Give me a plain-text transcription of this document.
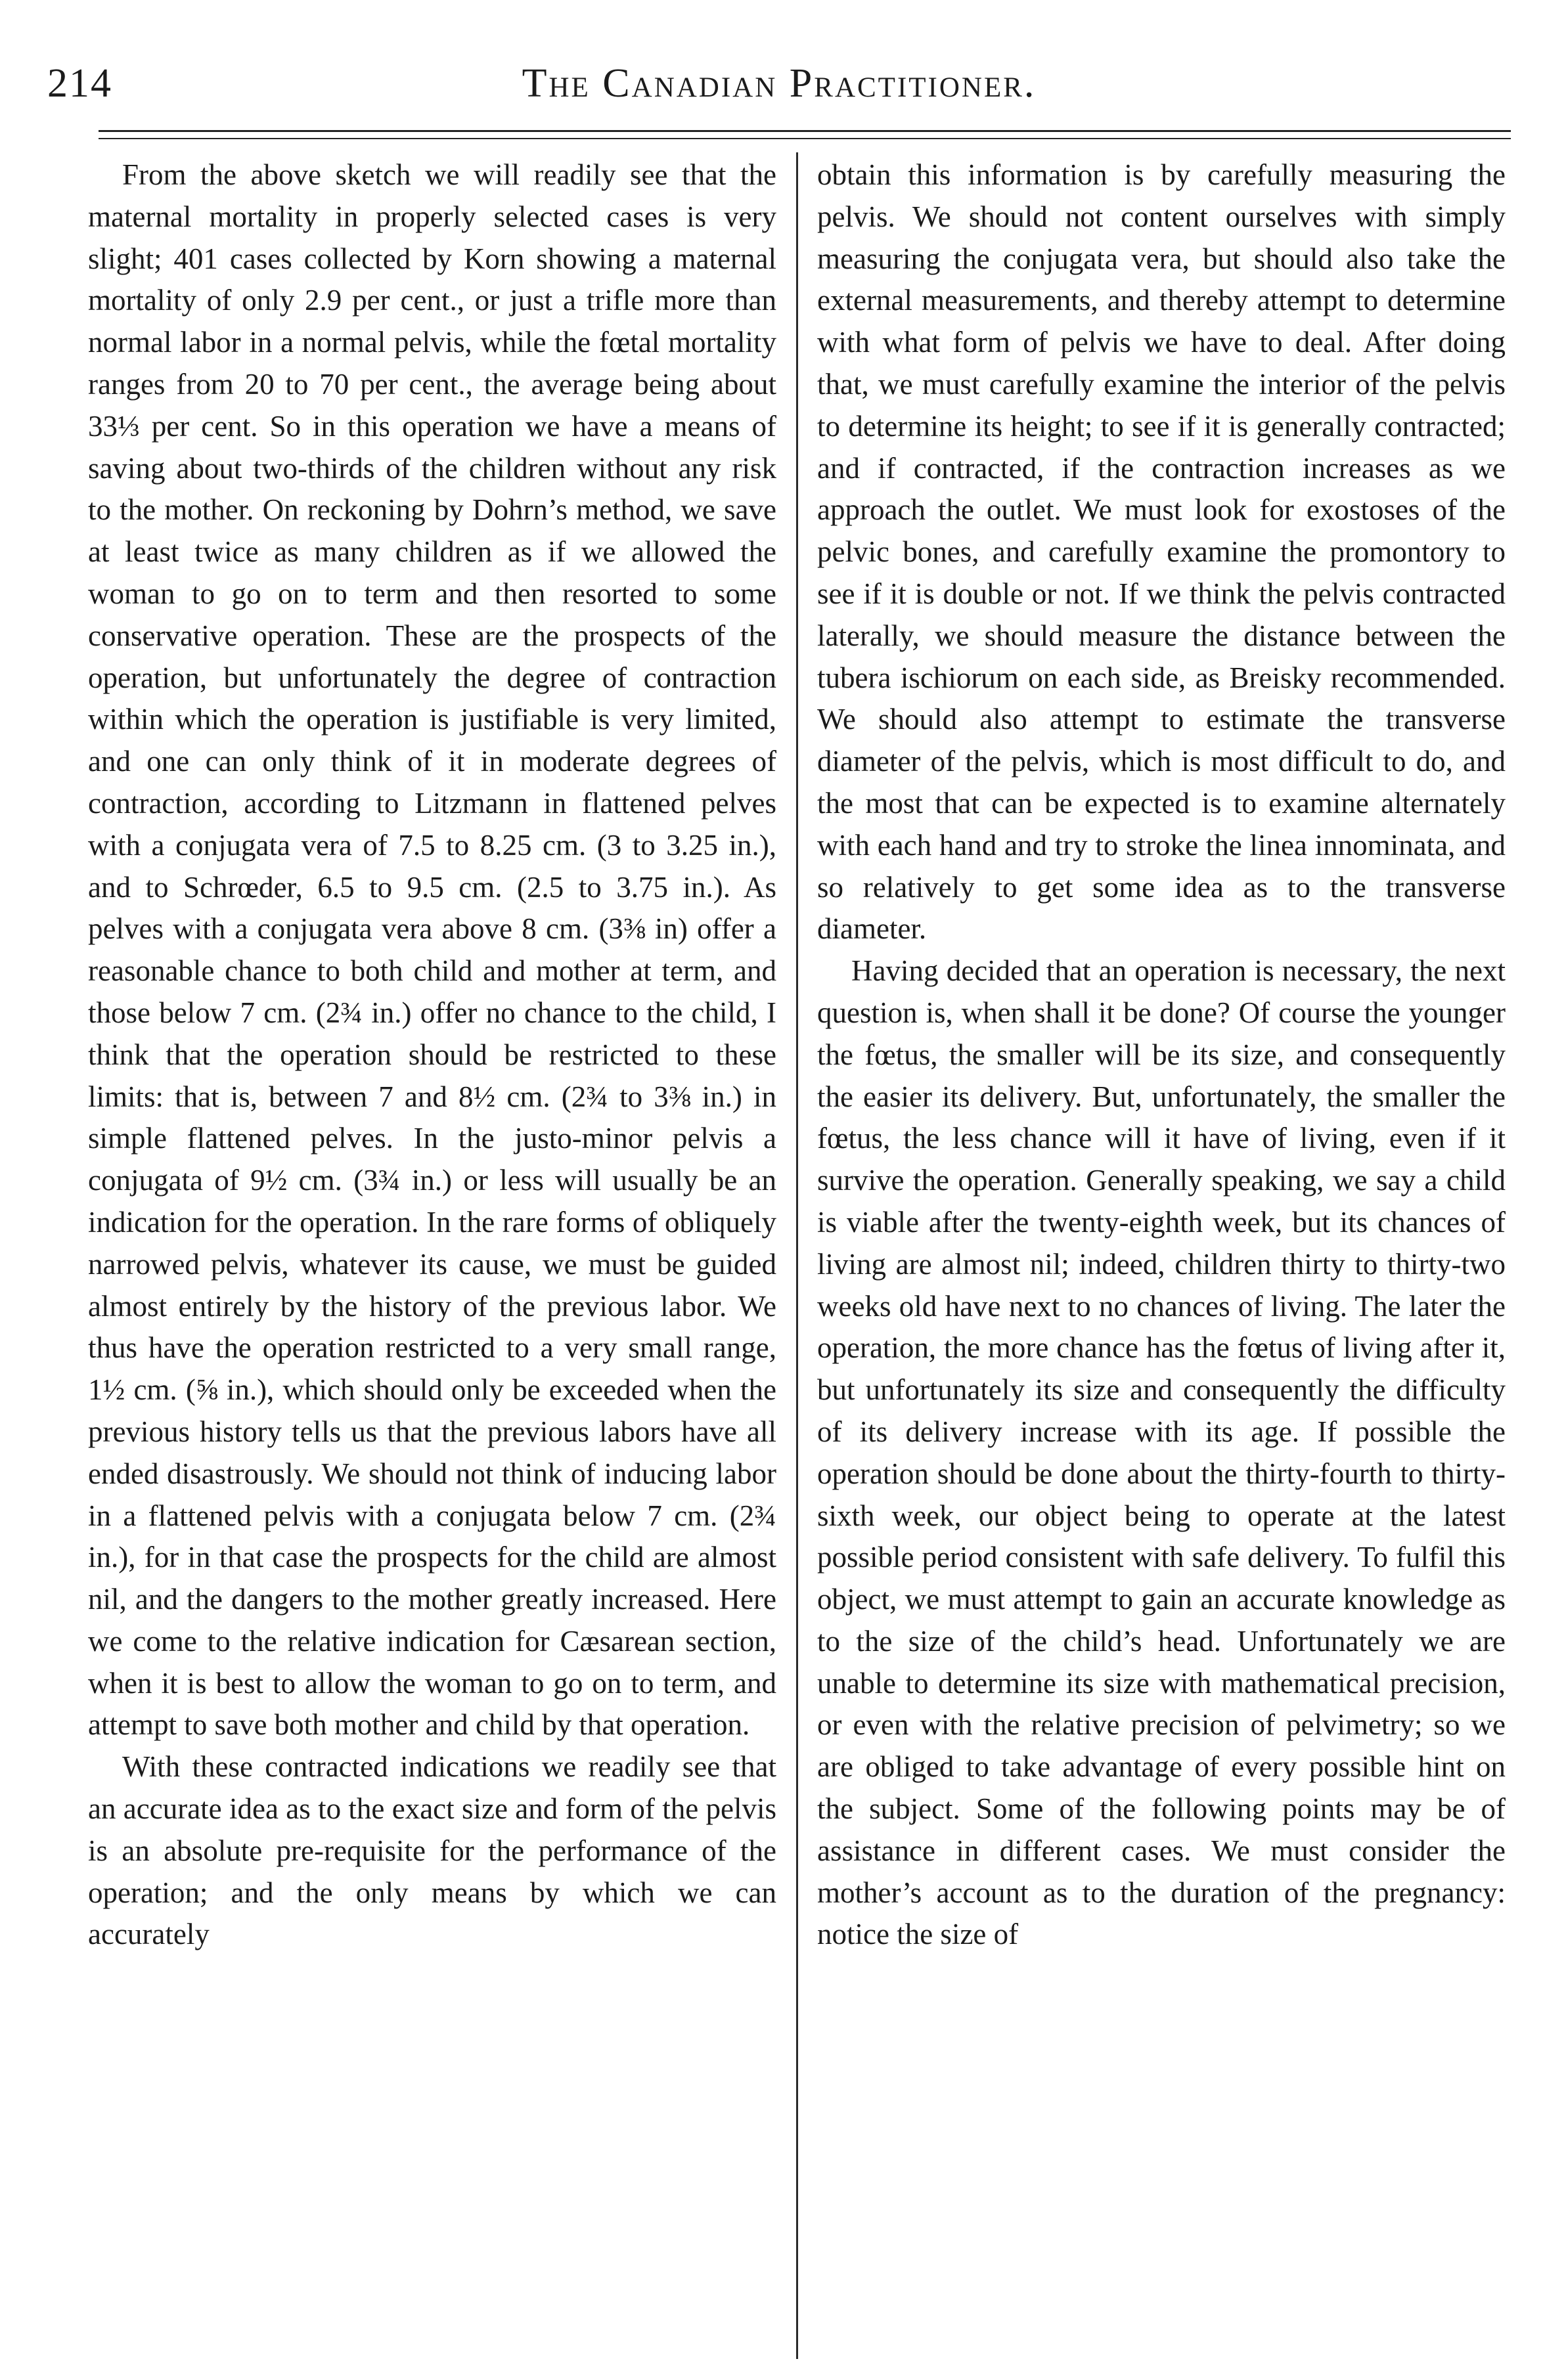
214	The Canadian Practitioner.

From the above sketch we will readily see that the maternal mortality in properly selected cases is very slight; 401 cases collected by Korn showing a maternal mortality of only 2.9 per cent., or just a trifle more than normal labor in a normal pelvis, while the fœtal mortality ranges from 20 to 70 per cent., the average being about 33⅓ per cent. So in this operation we have a means of saving about two-thirds of the children without any risk to the mother. On reckoning by Dohrn’s method, we save at least twice as many children as if we allowed the woman to go on to term and then resorted to some conservative operation. These are the prospects of the operation, but unfortunately the degree of contraction within which the operation is justifiable is very limited, and one can only think of it in moderate degrees of contraction, according to Litzmann in flattened pelves with a conjugata vera of 7.5 to 8.25 cm. (3 to 3.25 in.), and to Schrœder, 6.5 to 9.5 cm. (2.5 to 3.75 in.). As pelves with a conjugata vera above 8 cm. (3⅜ in) offer a reasonable chance to both child and mother at term, and those below 7 cm. (2¾ in.) offer no chance to the child, I think that the operation should be restricted to these limits: that is, between 7 and 8½ cm. (2¾ to 3⅜ in.) in simple flattened pelves. In the justo-minor pelvis a conjugata of 9½ cm. (3¾ in.) or less will usually be an indication for the operation. In the rare forms of obliquely narrowed pelvis, whatever its cause, we must be guided almost entirely by the history of the previous labor. We thus have the operation restricted to a very small range, 1½ cm. (⅝ in.), which should only be exceeded when the previous history tells us that the previous labors have all ended disastrously. We should not think of inducing labor in a flattened pelvis with a conjugata below 7 cm. (2¾ in.), for in that case the prospects for the child are almost nil, and the dangers to the mother greatly increased. Here we come to the relative indication for Cæsarean section, when it is best to allow the woman to go on to term, and attempt to save both mother and child by that operation.

With these contracted indications we readily see that an accurate idea as to the exact size and form of the pelvis is an absolute pre-requisite for the performance of the operation; and the only means by which we can accurately

obtain this information is by carefully measuring the pelvis. We should not content ourselves with simply measuring the conjugata vera, but should also take the external measurements, and thereby attempt to determine with what form of pelvis we have to deal. After doing that, we must carefully examine the interior of the pelvis to determine its height; to see if it is generally contracted; and if contracted, if the contraction increases as we approach the outlet. We must look for exostoses of the pelvic bones, and carefully examine the promontory to see if it is double or not. If we think the pelvis contracted laterally, we should measure the distance between the tubera ischiorum on each side, as Breisky recommended. We should also attempt to estimate the transverse diameter of the pelvis, which is most difficult to do, and the most that can be expected is to examine alternately with each hand and try to stroke the linea innominata, and so relatively to get some idea as to the transverse diameter.

Having decided that an operation is necessary, the next question is, when shall it be done? Of course the younger the fœtus, the smaller will be its size, and consequently the easier its delivery. But, unfortunately, the smaller the fœtus, the less chance will it have of living, even if it survive the operation. Generally speaking, we say a child is viable after the twenty-eighth week, but its chances of living are almost nil; indeed, children thirty to thirty-two weeks old have next to no chances of living. The later the operation, the more chance has the fœtus of living after it, but unfortunately its size and consequently the difficulty of its delivery increase with its age. If possible the operation should be done about the thirty-fourth to thirty-sixth week, our object being to operate at the latest possible period consistent with safe delivery. To fulfil this object, we must attempt to gain an accurate knowledge as to the size of the child’s head. Unfortunately we are unable to determine its size with mathematical precision, or even with the relative precision of pelvimetry; so we are obliged to take advantage of every possible hint on the subject. Some of the following points may be of assistance in different cases. We must consider the mother’s account as to the duration of the pregnancy: notice the size of
